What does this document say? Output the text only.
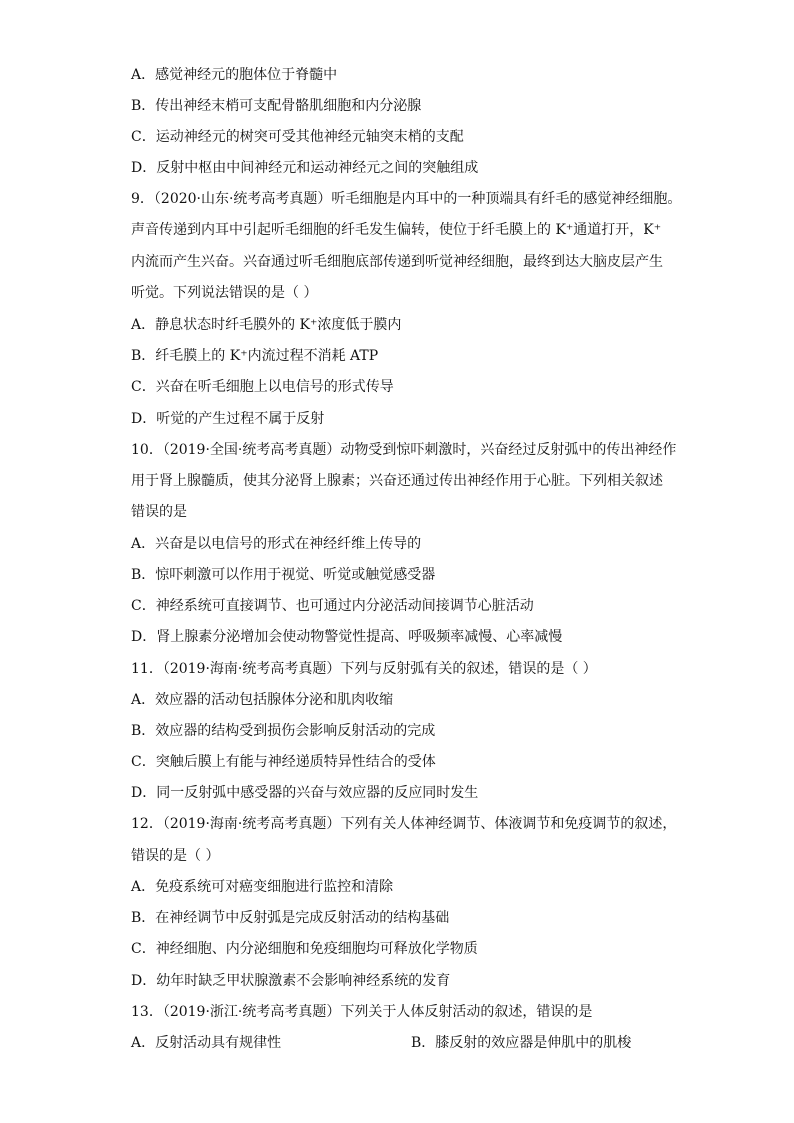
A．感觉神经元的胞体位于脊髓中
B．传出神经末梢可支配骨骼肌细胞和内分泌腺
C．运动神经元的树突可受其他神经元轴突末梢的支配
D．反射中枢由中间神经元和运动神经元之间的突触组成
9．（2020·山东·统考高考真题）听毛细胞是内耳中的一种顶端具有纤毛的感觉神经细胞。
声音传递到内耳中引起听毛细胞的纤毛发生偏转，使位于纤毛膜上的 K⁺通道打开，K⁺
内流而产生兴奋。兴奋通过听毛细胞底部传递到听觉神经细胞，最终到达大脑皮层产生
听觉。下列说法错误的是（ ）
A．静息状态时纤毛膜外的 K⁺浓度低于膜内
B．纤毛膜上的 K⁺内流过程不消耗 ATP
C．兴奋在听毛细胞上以电信号的形式传导
D．听觉的产生过程不属于反射
10．（2019·全国·统考高考真题）动物受到惊吓刺激时，兴奋经过反射弧中的传出神经作
用于肾上腺髓质，使其分泌肾上腺素；兴奋还通过传出神经作用于心脏。下列相关叙述
错误的是
A．兴奋是以电信号的形式在神经纤维上传导的
B．惊吓刺激可以作用于视觉、听觉或触觉感受器
C．神经系统可直接调节、也可通过内分泌活动间接调节心脏活动
D．肾上腺素分泌增加会使动物警觉性提高、呼吸频率减慢、心率减慢
11．（2019·海南·统考高考真题）下列与反射弧有关的叙述，错误的是（ ）
A．效应器的活动包括腺体分泌和肌肉收缩
B．效应器的结构受到损伤会影响反射活动的完成
C．突触后膜上有能与神经递质特异性结合的受体
D．同一反射弧中感受器的兴奋与效应器的反应同时发生
12．（2019·海南·统考高考真题）下列有关人体神经调节、体液调节和免疫调节的叙述，
错误的是（ ）
A．免疫系统可对癌变细胞进行监控和清除
B．在神经调节中反射弧是完成反射活动的结构基础
C．神经细胞、内分泌细胞和免疫细胞均可释放化学物质
D．幼年时缺乏甲状腺激素不会影响神经系统的发育
13．（2019·浙江·统考高考真题）下列关于人体反射活动的叙述，错误的是
A．反射活动具有规律性	B．膝反射的效应器是伸肌中的肌梭
